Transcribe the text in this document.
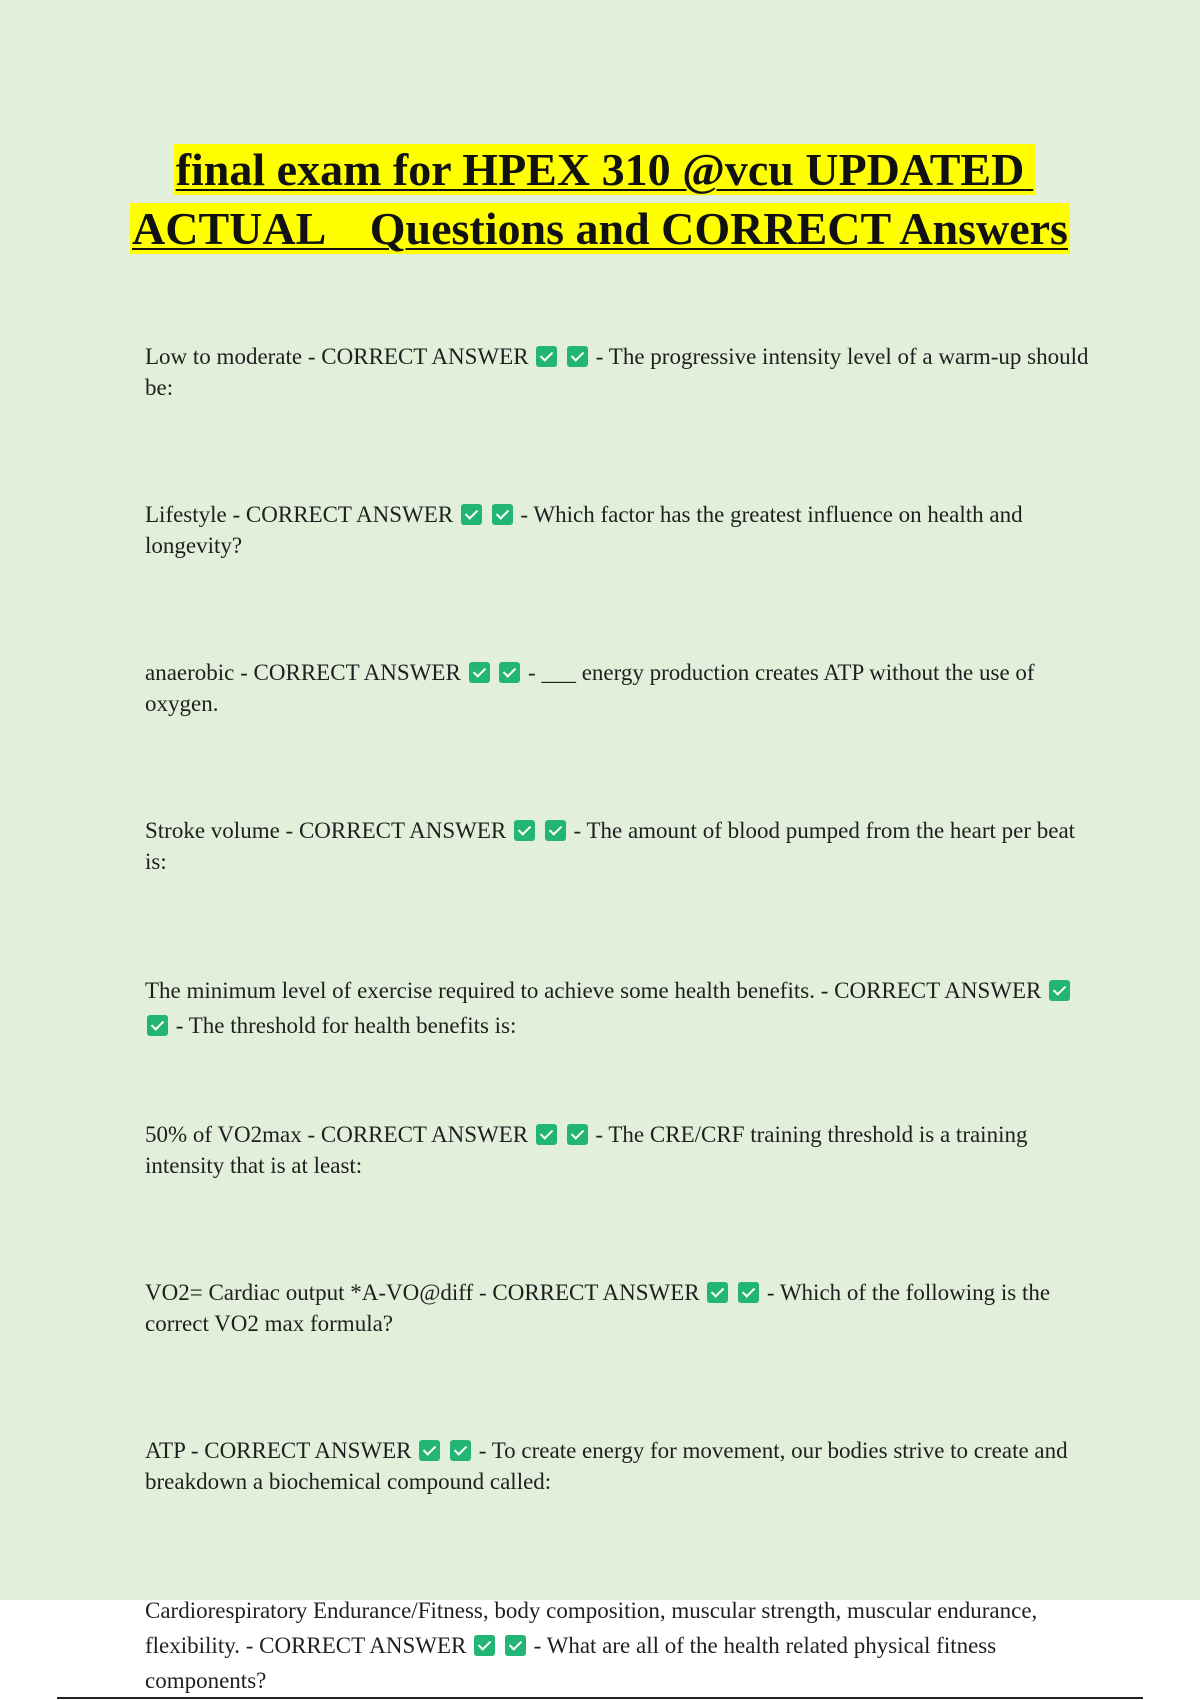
final exam for HPEX 310 @vcu UPDATED ACTUAL    Questions and CORRECT Answers

Low to moderate - CORRECT ANSWER	- The progressive intensity level of a warm-up should be:

Lifestyle - CORRECT ANSWER	- Which factor has the greatest influence on health and longevity?

anaerobic - CORRECT ANSWER	- ___ energy production creates ATP without the use of oxygen.

Stroke volume - CORRECT ANSWER	- The amount of blood pumped from the heart per beat is:

The minimum level of exercise required to achieve some health benefits. - CORRECT ANSWER   - The threshold for health benefits is:

50% of VO2max - CORRECT ANSWER	- The CRE/CRF training threshold is a training intensity that is at least:

VO2= Cardiac output *A-VO@diff - CORRECT ANSWER	- Which of the following is the correct VO2 max formula?

ATP - CORRECT ANSWER	- To create energy for movement, our bodies strive to create and breakdown a biochemical compound called:

Cardiorespiratory Endurance/Fitness, body composition, muscular strength, muscular endurance, flexibility. - CORRECT ANSWER	- What are all of the health related physical fitness components?
